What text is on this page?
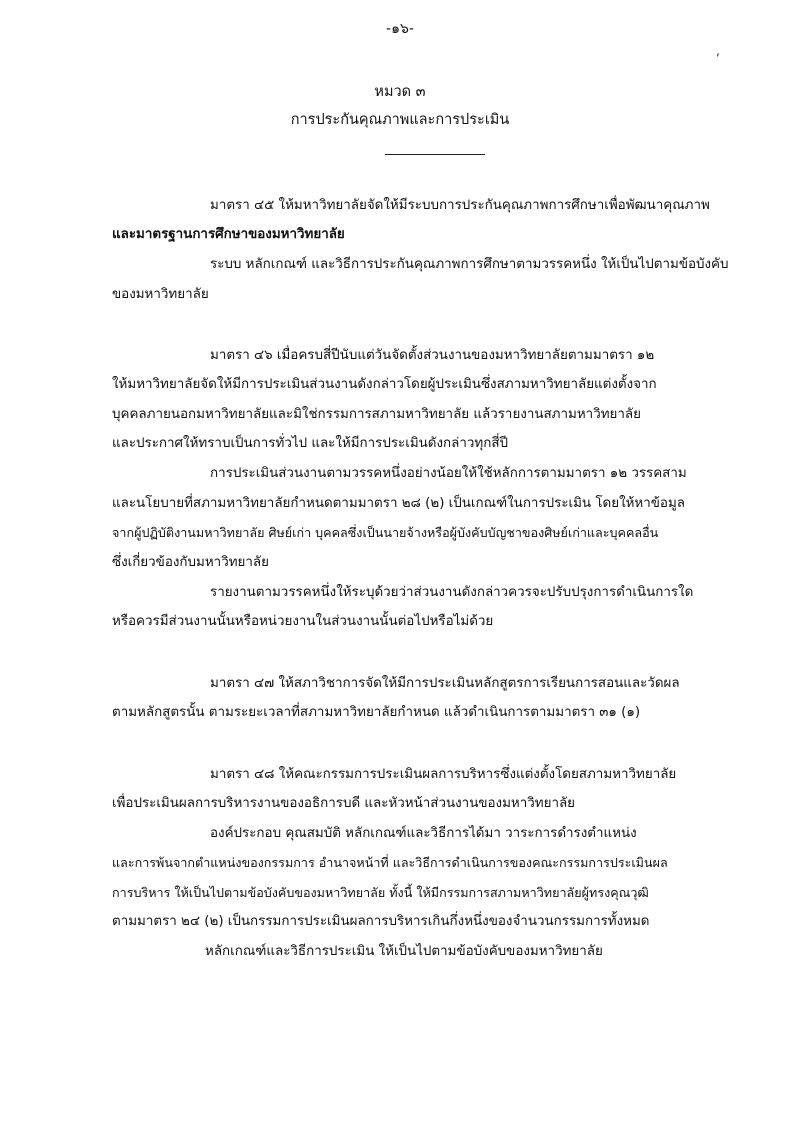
-๑๖-
หมวด ๓
การประกันคุณภาพและการประเมิน
,
มาตรา ๔๕ ให้มหาวิทยาลัยจัดให้มีระบบการประกันคุณภาพการศึกษาเพื่อพัฒนาคุณภาพ
และมาตรฐานการศึกษาของมหาวิทยาลัย
ระบบ หลักเกณฑ์ และวิธีการประกันคุณภาพการศึกษาตามวรรคหนึ่ง ให้เป็นไปตามข้อบังคับ
ของมหาวิทยาลัย
มาตรา ๔๖ เมื่อครบสี่ปีนับแต่วันจัดตั้งส่วนงานของมหาวิทยาลัยตามมาตรา ๑๒
ให้มหาวิทยาลัยจัดให้มีการประเมินส่วนงานดังกล่าวโดยผู้ประเมินซึ่งสภามหาวิทยาลัยแต่งตั้งจาก
บุคคลภายนอกมหาวิทยาลัยและมิใช่กรรมการสภามหาวิทยาลัย แล้วรายงานสภามหาวิทยาลัย
และประกาศให้ทราบเป็นการทั่วไป และให้มีการประเมินดังกล่าวทุกสี่ปี
การประเมินส่วนงานตามวรรคหนึ่งอย่างน้อยให้ใช้หลักการตามมาตรา ๑๒ วรรคสาม
และนโยบายที่สภามหาวิทยาลัยกำหนดตามมาตรา ๒๘ (๒) เป็นเกณฑ์ในการประเมิน โดยให้หาข้อมูล
จากผู้ปฏิบัติงานมหาวิทยาลัย ศิษย์เก่า บุคคลซึ่งเป็นนายจ้างหรือผู้บังคับบัญชาของศิษย์เก่าและบุคคลอื่น
ซึ่งเกี่ยวข้องกับมหาวิทยาลัย
รายงานตามวรรคหนึ่งให้ระบุด้วยว่าส่วนงานดังกล่าวควรจะปรับปรุงการดำเนินการใด
หรือควรมีส่วนงานนั้นหรือหน่วยงานในส่วนงานนั้นต่อไปหรือไม่ด้วย
มาตรา ๔๗ ให้สภาวิชาการจัดให้มีการประเมินหลักสูตรการเรียนการสอนและวัดผล
ตามหลักสูตรนั้น ตามระยะเวลาที่สภามหาวิทยาลัยกำหนด แล้วดำเนินการตามมาตรา ๓๑ (๑)
มาตรา ๔๘ ให้คณะกรรมการประเมินผลการบริหารซึ่งแต่งตั้งโดยสภามหาวิทยาลัย
เพื่อประเมินผลการบริหารงานของอธิการบดี และหัวหน้าส่วนงานของมหาวิทยาลัย
องค์ประกอบ คุณสมบัติ หลักเกณฑ์และวิธีการได้มา วาระการดำรงตำแหน่ง
และการพ้นจากตำแหน่งของกรรมการ อำนาจหน้าที่ และวิธีการดำเนินการของคณะกรรมการประเมินผล
การบริหาร ให้เป็นไปตามข้อบังคับของมหาวิทยาลัย ทั้งนี้ ให้มีกรรมการสภามหาวิทยาลัยผู้ทรงคุณวุฒิ
ตามมาตรา ๒๔ (๒) เป็นกรรมการประเมินผลการบริหารเกินกึ่งหนึ่งของจำนวนกรรมการทั้งหมด
หลักเกณฑ์และวิธีการประเมิน ให้เป็นไปตามข้อบังคับของมหาวิทยาลัย
